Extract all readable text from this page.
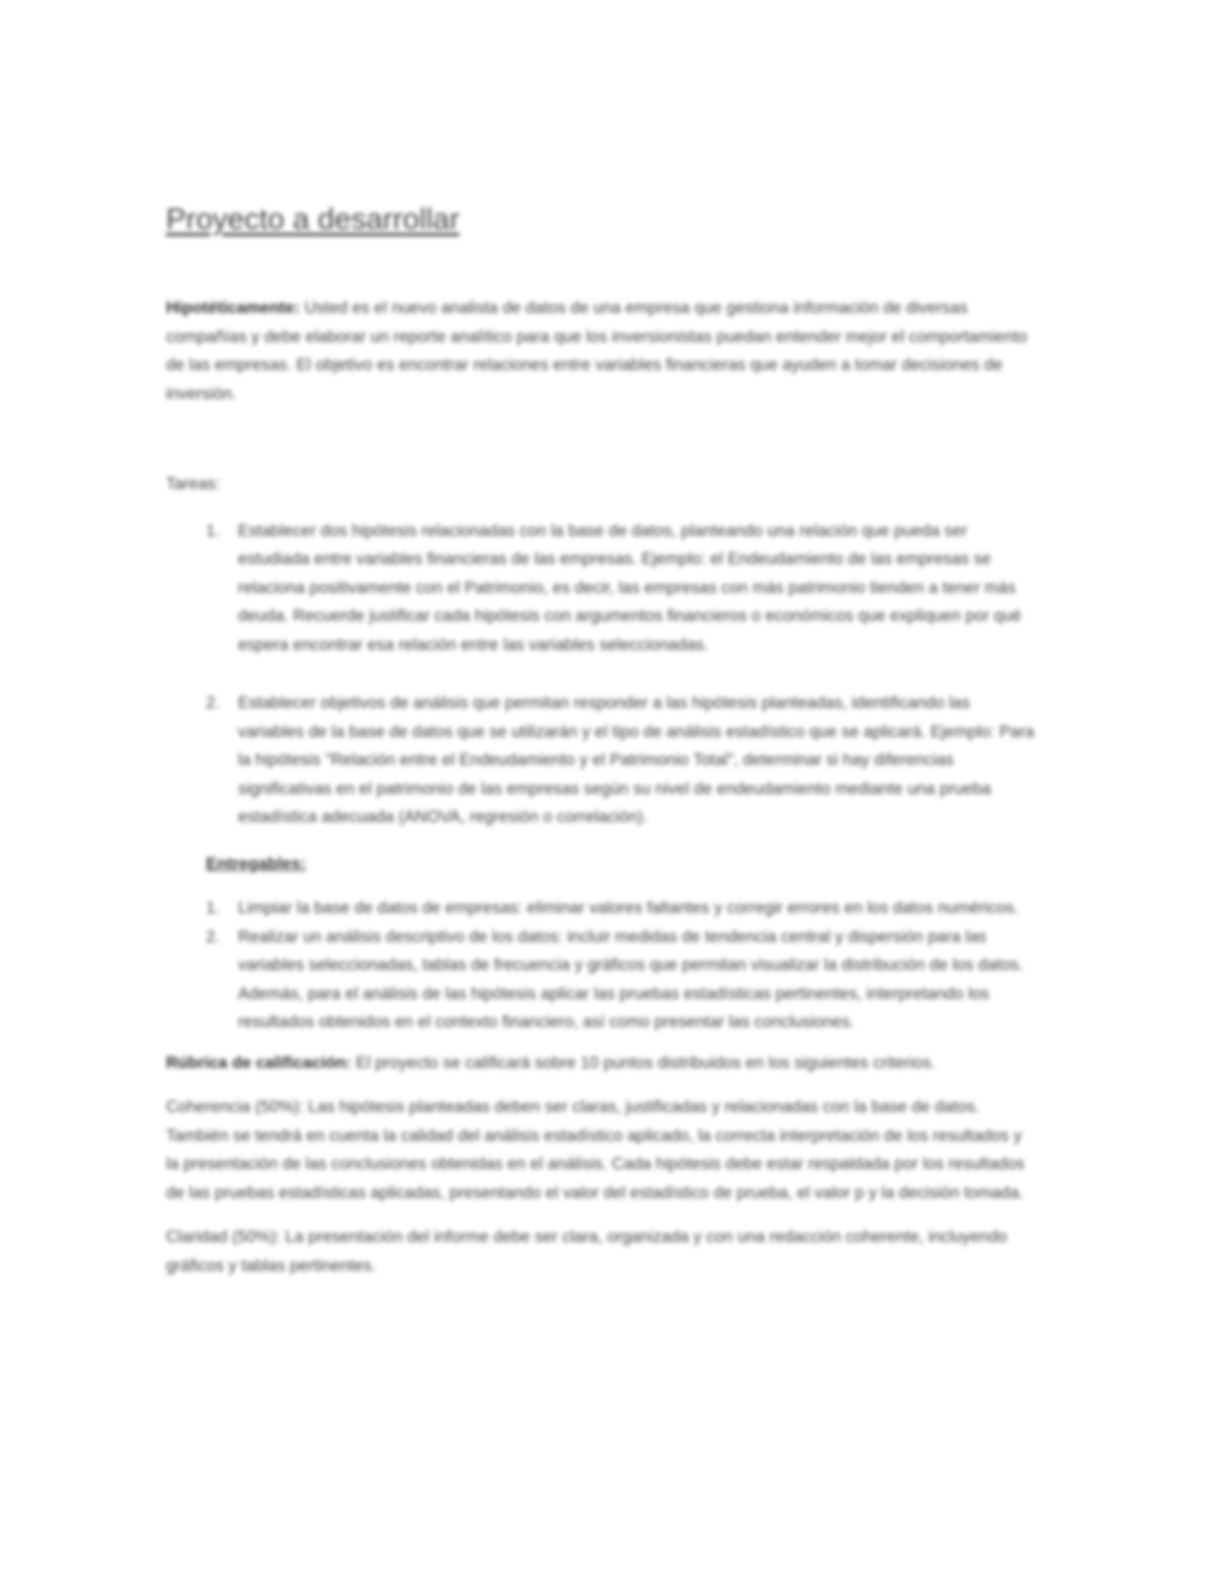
Proyecto a desarrollar

Hipotéticamente: Usted es el nuevo analista de datos de una empresa que gestiona información de diversas compañías y debe elaborar un reporte analítico para que los inversionistas puedan entender mejor el comportamiento de las empresas. El objetivo es encontrar relaciones entre variables financieras que ayuden a tomar decisiones de inversión.

Tareas:

1. Establecer dos hipótesis relacionadas con la base de datos, planteando una relación que pueda ser estudiada entre variables financieras de las empresas. Ejemplo: el Endeudamiento de las empresas se relaciona positivamente con el Patrimonio, es decir, las empresas con más patrimonio tienden a tener más deuda. Recuerde justificar cada hipótesis con argumentos financieros o económicos que expliquen por qué espera encontrar esa relación entre las variables seleccionadas.
2. Establecer objetivos de análisis que permitan responder a las hipótesis planteadas, identificando las variables de la base de datos que se utilizarán y el tipo de análisis estadístico que se aplicará. Ejemplo: Para la hipótesis "Relación entre el Endeudamiento y el Patrimonio Total", determinar si hay diferencias significativas en el patrimonio de las empresas según su nivel de endeudamiento mediante una prueba estadística adecuada (ANOVA, regresión o correlación).

Entregables:

1. Limpiar la base de datos de empresas: eliminar valores faltantes y corregir errores en los datos numéricos.
2. Realizar un análisis descriptivo de los datos: incluir medidas de tendencia central y dispersión para las variables seleccionadas, tablas de frecuencia y gráficos que permitan visualizar la distribución de los datos. Además, para el análisis de las hipótesis aplicar las pruebas estadísticas pertinentes, interpretando los resultados obtenidos en el contexto financiero, así como presentar las conclusiones.

Rúbrica de calificación: El proyecto se calificará sobre 10 puntos distribuidos en los siguientes criterios.

Coherencia (50%): Las hipótesis planteadas deben ser claras, justificadas y relacionadas con la base de datos. También se tendrá en cuenta la calidad del análisis estadístico aplicado, la correcta interpretación de los resultados y la presentación de las conclusiones obtenidas en el análisis. Cada hipótesis debe estar respaldada por los resultados de las pruebas estadísticas aplicadas, presentando el valor del estadístico de prueba, el valor p y la decisión tomada.

Claridad (50%): La presentación del informe debe ser clara, organizada y con una redacción coherente, incluyendo gráficos y tablas pertinentes.
